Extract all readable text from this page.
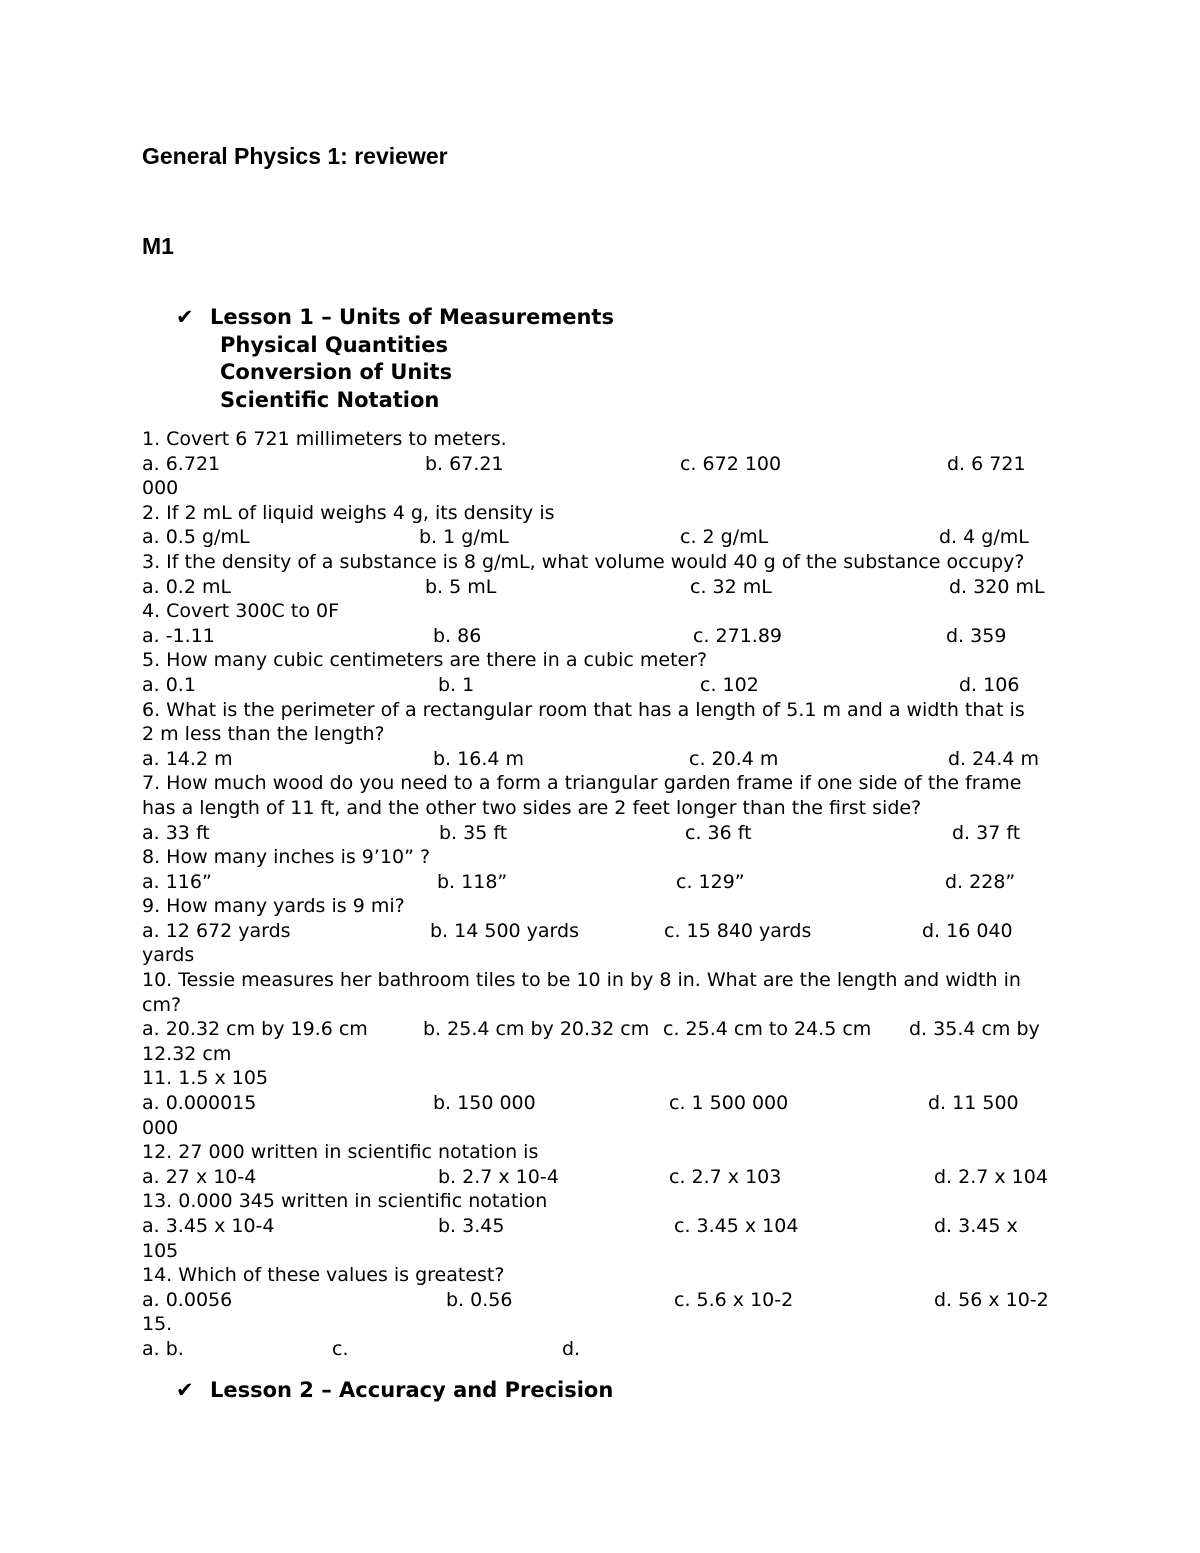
General Physics 1: reviewer
M1
✔ Lesson 1 – Units of Measurements
Physical Quantities
Conversion of Units
Scientific Notation
1. Covert 6 721 millimeters to meters.
a. 6.721	b. 67.21	c. 672 100	d. 6 721
000
2. If 2 mL of liquid weighs 4 g, its density is
a. 0.5 g/mL	b. 1 g/mL	c. 2 g/mL	d. 4 g/mL
3. If the density of a substance is 8 g/mL, what volume would 40 g of the substance occupy?
a. 0.2 mL	b. 5 mL	c. 32 mL	d. 320 mL
4. Covert 300C to 0F
a. -1.11	b. 86	c. 271.89	d. 359
5. How many cubic centimeters are there in a cubic meter?
a. 0.1	b. 1	c. 102	d. 106
6. What is the perimeter of a rectangular room that has a length of 5.1 m and a width that is
2 m less than the length?
a. 14.2 m	b. 16.4 m	c. 20.4 m	d. 24.4 m
7. How much wood do you need to a form a triangular garden frame if one side of the frame
has a length of 11 ft, and the other two sides are 2 feet longer than the first side?
a. 33 ft	b. 35 ft	c. 36 ft	d. 37 ft
8. How many inches is 9’10” ?
a. 116”	b. 118”	c. 129”	d. 228”
9. How many yards is 9 mi?
a. 12 672 yards	b. 14 500 yards	c. 15 840 yards	d. 16 040
yards
10. Tessie measures her bathroom tiles to be 10 in by 8 in. What are the length and width in
cm?
a. 20.32 cm by 19.6 cm	b. 25.4 cm by 20.32 cm c. 25.4 cm to 24.5 cm d. 35.4 cm by
12.32 cm
11. 1.5 x 105
a. 0.000015	b. 150 000	c. 1 500 000	d. 11 500
000
12. 27 000 written in scientific notation is
a. 27 x 10-4	b. 2.7 x 10-4	c. 2.7 x 103	d. 2.7 x 104
13. 0.000 345 written in scientific notation
a. 3.45 x 10-4	b. 3.45	c. 3.45 x 104	d. 3.45 x
105
14. Which of these values is greatest?
a. 0.0056	b. 0.56	c. 5.6 x 10-2	d. 56 x 10-2
15.
a. b.	c.	d.
✔ Lesson 2 – Accuracy and Precision
